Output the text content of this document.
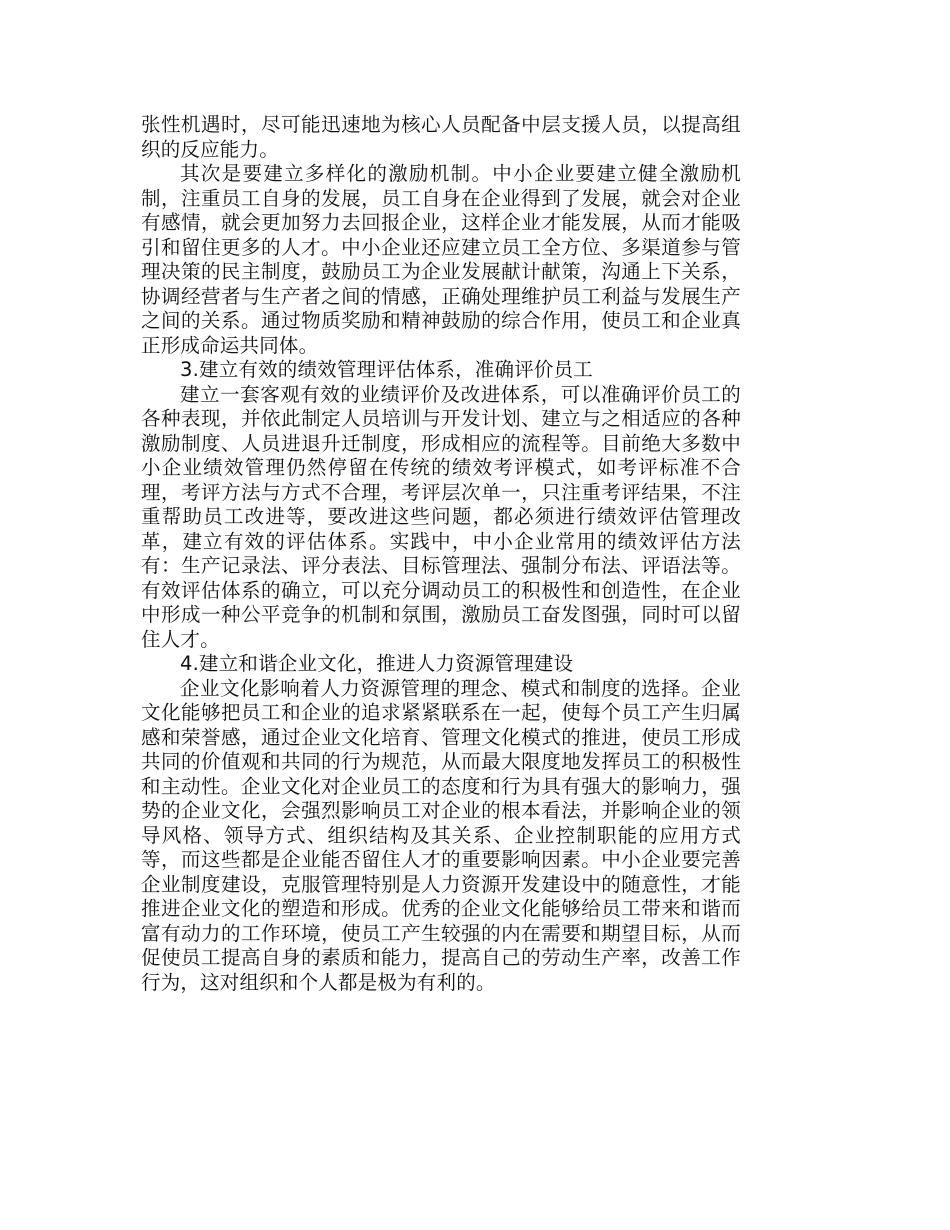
张性机遇时，尽可能迅速地为核心人员配备中层支援人员，以提高组织的反应能力。

其次是要建立多样化的激励机制。中小企业要建立健全激励机制，注重员工自身的发展，员工自身在企业得到了发展，就会对企业有感情，就会更加努力去回报企业，这样企业才能发展，从而才能吸引和留住更多的人才。中小企业还应建立员工全方位、多渠道参与管理决策的民主制度，鼓励员工为企业发展献计献策，沟通上下关系，协调经营者与生产者之间的情感，正确处理维护员工利益与发展生产之间的关系。通过物质奖励和精神鼓励的综合作用，使员工和企业真正形成命运共同体。

3.建立有效的绩效管理评估体系，准确评价员工

建立一套客观有效的业绩评价及改进体系，可以准确评价员工的各种表现，并依此制定人员培训与开发计划、建立与之相适应的各种激励制度、人员进退升迁制度，形成相应的流程等。目前绝大多数中小企业绩效管理仍然停留在传统的绩效考评模式，如考评标准不合理，考评方法与方式不合理，考评层次单一，只注重考评结果，不注重帮助员工改进等，要改进这些问题，都必须进行绩效评估管理改革，建立有效的评估体系。实践中，中小企业常用的绩效评估方法有：生产记录法、评分表法、目标管理法、强制分布法、评语法等。有效评估体系的确立，可以充分调动员工的积极性和创造性，在企业中形成一种公平竞争的机制和氛围，激励员工奋发图强，同时可以留住人才。

4.建立和谐企业文化，推进人力资源管理建设

企业文化影响着人力资源管理的理念、模式和制度的选择。企业文化能够把员工和企业的追求紧紧联系在一起，使每个员工产生归属感和荣誉感，通过企业文化培育、管理文化模式的推进，使员工形成共同的价值观和共同的行为规范，从而最大限度地发挥员工的积极性和主动性。企业文化对企业员工的态度和行为具有强大的影响力，强势的企业文化，会强烈影响员工对企业的根本看法，并影响企业的领导风格、领导方式、组织结构及其关系、企业控制职能的应用方式等，而这些都是企业能否留住人才的重要影响因素。中小企业要完善企业制度建设，克服管理特别是人力资源开发建设中的随意性，才能推进企业文化的塑造和形成。优秀的企业文化能够给员工带来和谐而富有动力的工作环境，使员工产生较强的内在需要和期望目标，从而促使员工提高自身的素质和能力，提高自己的劳动生产率，改善工作行为，这对组织和个人都是极为有利的。
